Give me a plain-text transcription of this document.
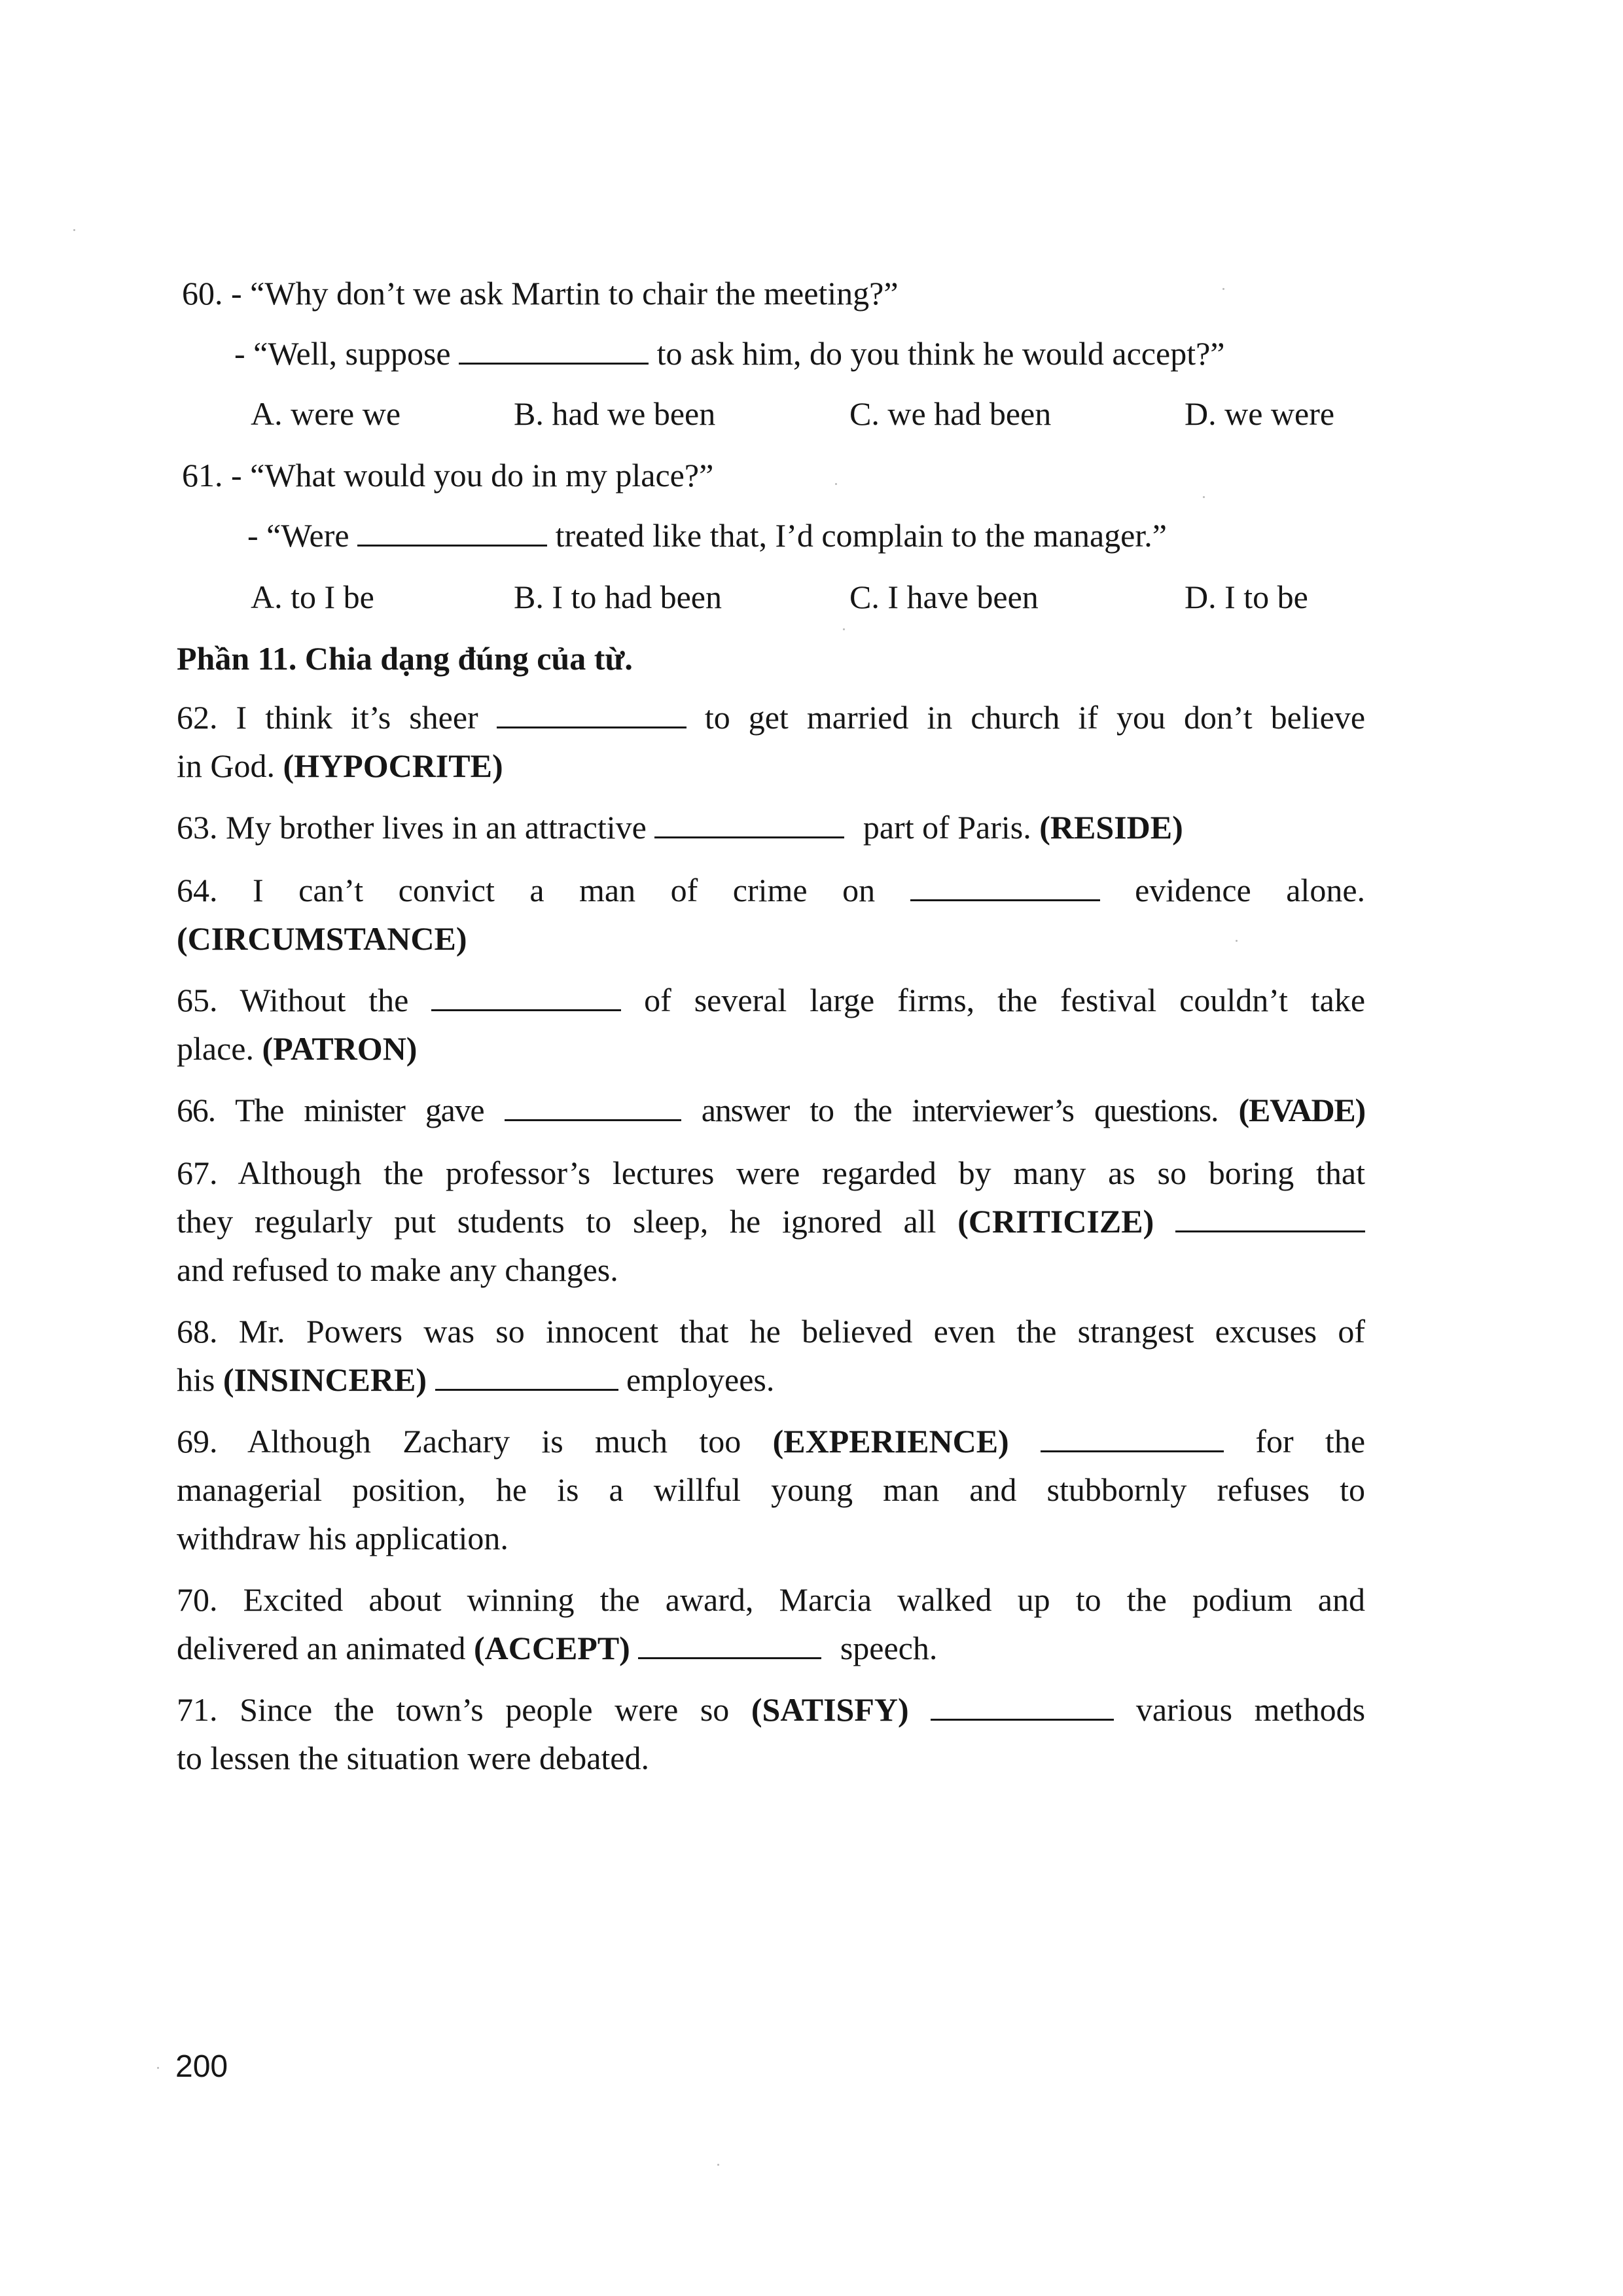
60. - “Why don’t we ask Martin to chair the meeting?”
- “Well, suppose	to ask him, do you think he would accept?”
A. were we	B. had we been	C. we had been	D. we were
61. - “What would you do in my place?”
- “Were	treated like that, I’d complain to the manager.”
A. to I be	B. I to had been	C. I have been	D. I to be
Phần 11. Chia dạng đúng của từ.
62. I think it’s sheer	to get married in church if you don’t believe
in God. (HYPOCRITE)
63. My brother lives in an attractive	part of Paris. (RESIDE)
64. I can’t convict a man of crime on	evidence alone.
(CIRCUMSTANCE)
65. Without the	of several large firms, the festival couldn’t take
place. (PATRON)
66. The minister gave	answer to the interviewer’s questions. (EVADE)
67. Although the professor’s lectures were regarded by many as so boring that
they regularly put students to sleep, he ignored all (CRITICIZE)
and refused to make any changes.
68. Mr. Powers was so innocent that he believed even the strangest excuses of
his (INSINCERE)	employees.
69. Although Zachary is much too (EXPERIENCE)	for the
managerial position, he is a willful young man and stubbornly refuses to
withdraw his application.
70. Excited about winning the award, Marcia walked up to the podium and
delivered an animated (ACCEPT)	speech.
71. Since the town’s people were so (SATISFY)	various methods
to lessen the situation were debated.
200
